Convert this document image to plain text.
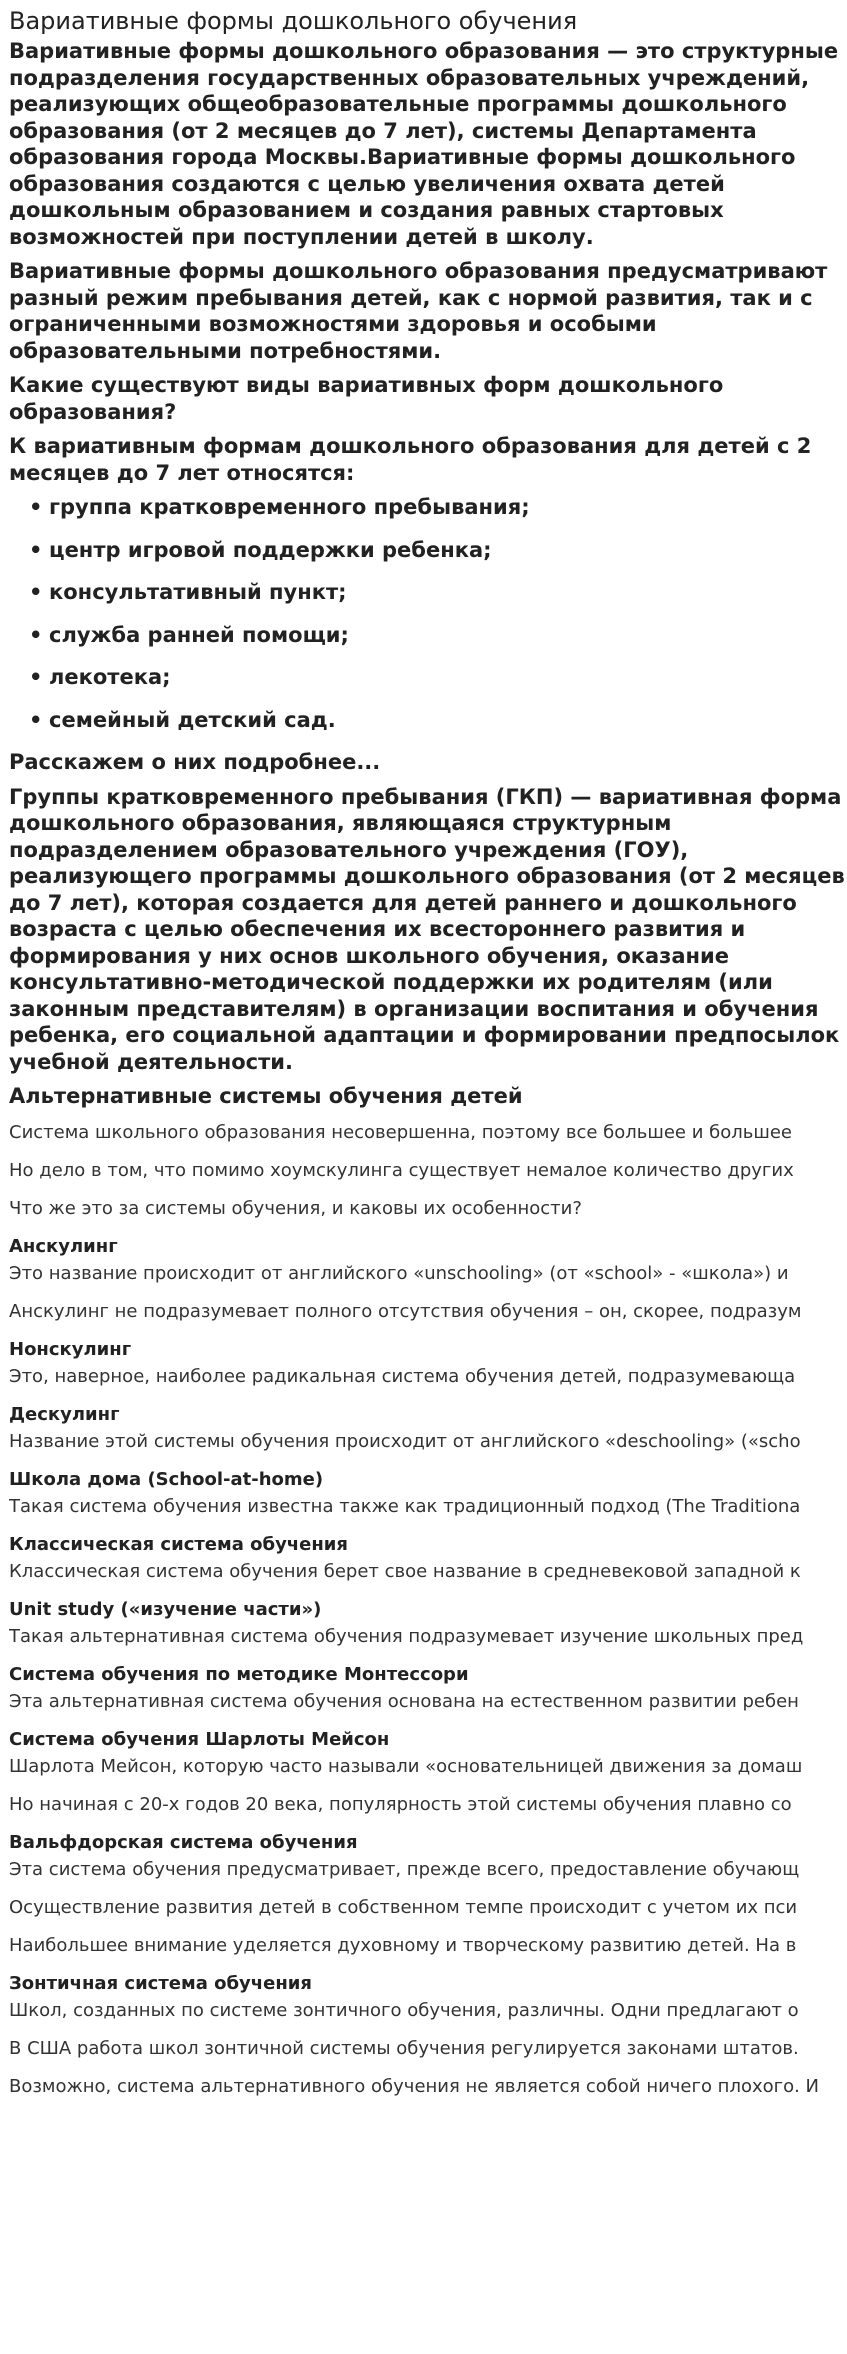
Вариативные формы дошкольного обучения

Вариативные формы дошкольного образования — это структурные подразделения государственных образовательных учреждений, реализующих общеобразовательные программы дошкольного образования (от 2 месяцев до 7 лет), системы Департамента образования города Москвы.Вариативные формы дошкольного образования создаются с целью увеличения охвата детей дошкольным образованием и создания равных стартовых возможностей при поступлении детей в школу.

Вариативные формы дошкольного образования предусматривают разный режим пребывания детей, как с нормой развития, так и с ограниченными возможностями здоровья и особыми образовательными потребностями.

Какие существуют виды вариативных форм дошкольного образования?

К вариативным формам дошкольного образования для детей с 2 месяцев до 7 лет относятся:

• группа кратковременного пребывания;
• центр игровой поддержки ребенка;
• консультативный пункт;
• служба ранней помощи;
• лекотека;
• семейный детский сад.

Расскажем о них подробнее...

Группы кратковременного пребывания (ГКП) — вариативная форма дошкольного образования, являющаяся структурным подразделением образовательного учреждения (ГОУ), реализующего программы дошкольного образования (от 2 месяцев до 7 лет), которая создается для детей раннего и дошкольного возраста с целью обеспечения их всестороннего развития и формирования у них основ школьного обучения, оказание консультативно-методической поддержки их родителям (или законным представителям) в организации воспитания и обучения ребенка, его социальной адаптации и формировании предпосылок учебной деятельности.

Альтернативные системы обучения детей
Система школьного образования несовершенна, поэтому все большее и большее
Но дело в том, что помимо хоумскулинга существует немалое количество других
Что же это за системы обучения, и каковы их особенности?
Анскулинг
Это название происходит от английского «unschooling» (от «school» - «школа») и
Анскулинг не подразумевает полного отсутствия обучения – он, скорее, подразум
Нонскулинг
Это, наверное, наиболее радикальная система обучения детей, подразумевающа
Дескулинг
Название этой системы обучения происходит от английского «deschooling» («scho
Школа дома (School-at-home)
Такая система обучения известна также как традиционный подход (The Traditiona
Классическая система обучения
Классическая система обучения берет свое название в средневековой западной к
Unit study («изучение части»)
Такая альтернативная система обучения подразумевает изучение школьных пред
Система обучения по методике Монтессори
Эта альтернативная система обучения основана на естественном развитии ребен
Система обучения Шарлоты Мейсон
Шарлота Мейсон, которую часто называли «основательницей движения за домаш
Но начиная с 20-х годов 20 века, популярность этой системы обучения плавно со
Вальфдорская система обучения
Эта система обучения предусматривает, прежде всего, предоставление обучающ
Осуществление развития детей в собственном темпе происходит с учетом их пси
Наибольшее внимание уделяется духовному и творческому развитию детей. На в
Зонтичная система обучения
Школ, созданных по системе зонтичного обучения, различны. Одни предлагают о
В США работа школ зонтичной системы обучения регулируется законами штатов.
Возможно, система альтернативного обучения не является собой ничего плохого. И
